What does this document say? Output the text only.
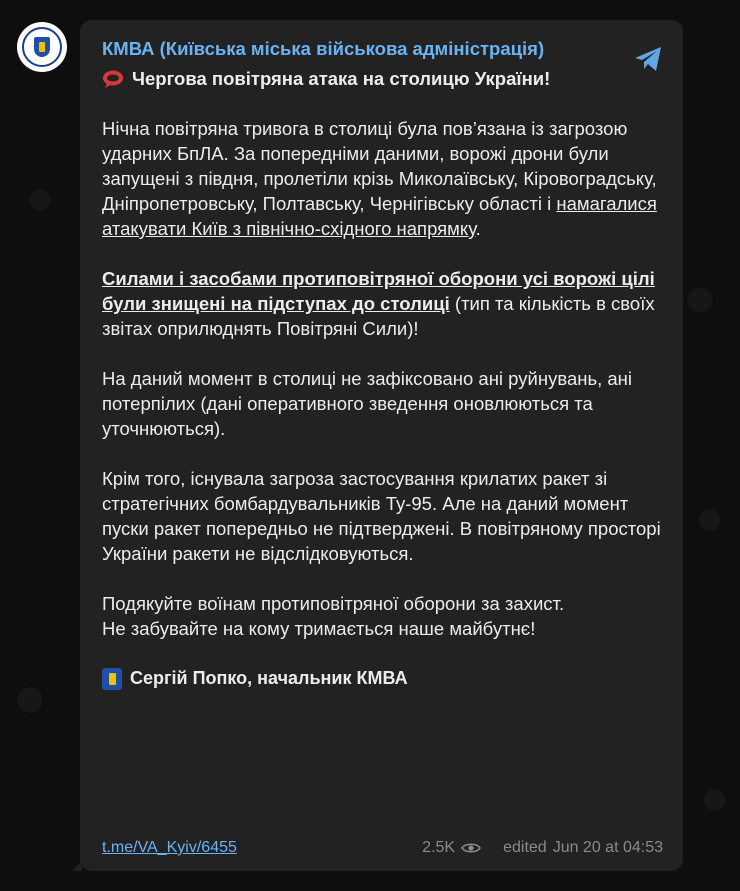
КМВА (Київська міська військова адміністрація)
Чергова повітряна атака на столицю України!
Нічна повітряна тривога в столиці була пов’язана із загрозою ударних БпЛА. За попередніми даними, ворожі дрони були запущені з півдня, пролетіли крізь Миколаївську, Кіровоградську, Дніпропетровську, Полтавську, Чернігівську області і намагалися атакувати Київ з північно-східного напрямку.
Силами і засобами протиповітряної оборони усі ворожі цілі були знищені на підступах до столиці (тип та кількість в своїх звітах оприлюднять Повітряні Сили)!
На даний момент в столиці не зафіксовано ані руйнувань, ані потерпілих (дані оперативного зведення оновлюються та уточнюються).
Крім того, існувала загроза застосування крилатих ракет зі стратегічних бомбардувальників Ту-95. Але на даний момент пуски ракет попередньо не підтверджені. В повітряному просторі України ракети не відслідковуються.
Подякуйте воїнам протиповітряної оборони за захист.
Не забувайте на кому тримається наше майбутнє!
Сергій Попко, начальник КМВА
t.me/VA_Kyiv/6455	2.5K	edited Jun 20 at 04:53
